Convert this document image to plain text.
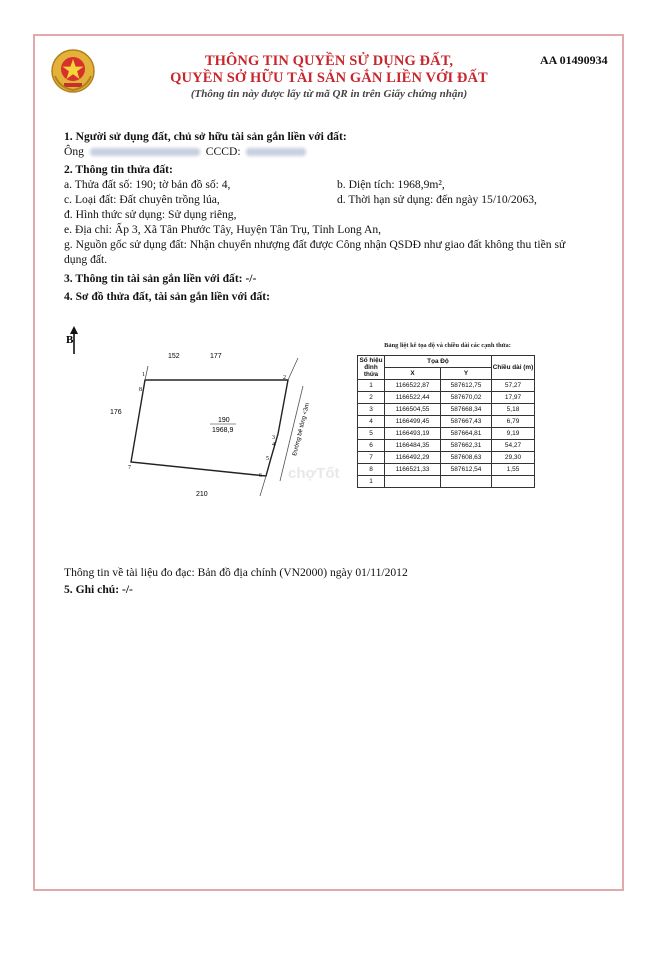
THÔNG TIN QUYỀN SỬ DỤNG ĐẤT,
QUYỀN SỞ HỮU TÀI SẢN GẮN LIỀN VỚI ĐẤT
(Thông tin này được lấy từ mã QR in trên Giấy chứng nhận)
AA 01490934
1. Người sử dụng đất, chủ sở hữu tài sản gắn liền với đất:
Ông	CCCD:
2. Thông tin thửa đất:
a. Thửa đất số: 190; tờ bản đồ số: 4,	b. Diện tích: 1968,9m²,
c. Loại đất: Đất chuyên trồng lúa,	d. Thời hạn sử dụng: đến ngày 15/10/2063,
đ. Hình thức sử dụng: Sử dụng riêng,
e. Địa chỉ: Ấp 3, Xã Tân Phước Tây, Huyện Tân Trụ, Tỉnh Long An,
g. Nguồn gốc sử dụng đất: Nhận chuyển nhượng đất được Công nhận QSDĐ như giao đất không thu tiền sử
dụng đất.
3. Thông tin tài sản gắn liền với đất: -/-
4. Sơ đồ thửa đất, tài sản gắn liền với đất:
B
152	177
176
210
190
1968,9	Đường bê tông <3m
1	2
3
4
5
6
7
8
chợTốt
Bảng liệt kê tọa độ và chiều dài các cạnh thửa:
Số hiệu đỉnh thửa	Tọa Độ		Chiều dài (m)
	X	Y	
1	1166522,87	587612,75	57,27
2	1166522,44	587670,02	17,97
3	1166504,55	587668,34	5,18
4	1166499,45	587667,43	6,79
5	1166493,19	587664,81	9,19
6	1166484,35	587662,31	54,27
7	1166492,29	587608,63	29,30
8	1166521,33	587612,54	1,55
1			
Thông tin về tài liệu đo đạc: Bản đồ địa chính (VN2000) ngày 01/11/2012
5. Ghi chú: -/-
